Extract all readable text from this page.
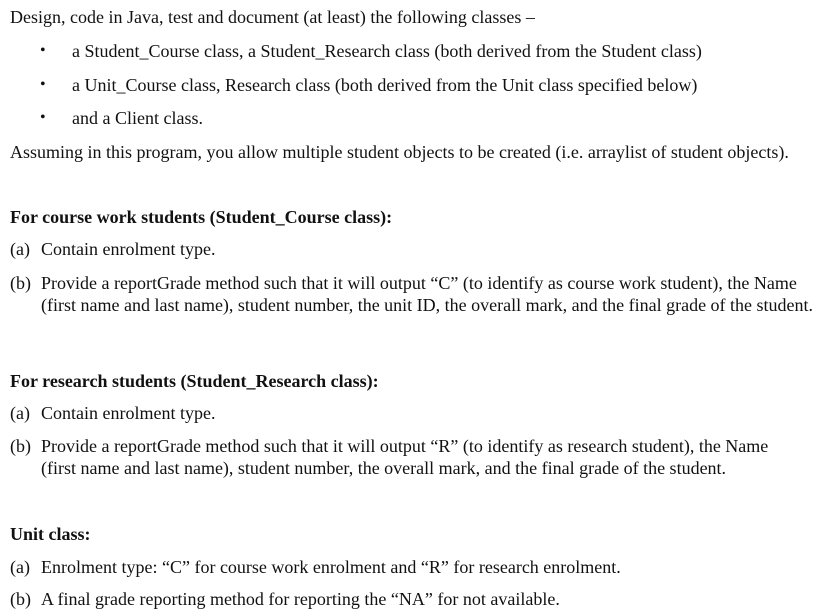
Design, code in Java, test and document (at least) the following classes –
• a Student_Course class, a Student_Research class (both derived from the Student class)
• a Unit_Course class, Research class (both derived from the Unit class specified below)
• and a Client class.
Assuming in this program, you allow multiple student objects to be created (i.e. arraylist of student objects).
For course work students (Student_Course class):
(a) Contain enrolment type.
(b) Provide a reportGrade method such that it will output “C” (to identify as course work student), the Name (first name and last name), student number, the unit ID, the overall mark, and the final grade of the student.
For research students (Student_Research class):
(a) Contain enrolment type.
(b) Provide a reportGrade method such that it will output “R” (to identify as research student), the Name (first name and last name), student number, the overall mark, and the final grade of the student.
Unit class:
(a) Enrolment type: “C” for course work enrolment and “R” for research enrolment.
(b) A final grade reporting method for reporting the “NA” for not available.
